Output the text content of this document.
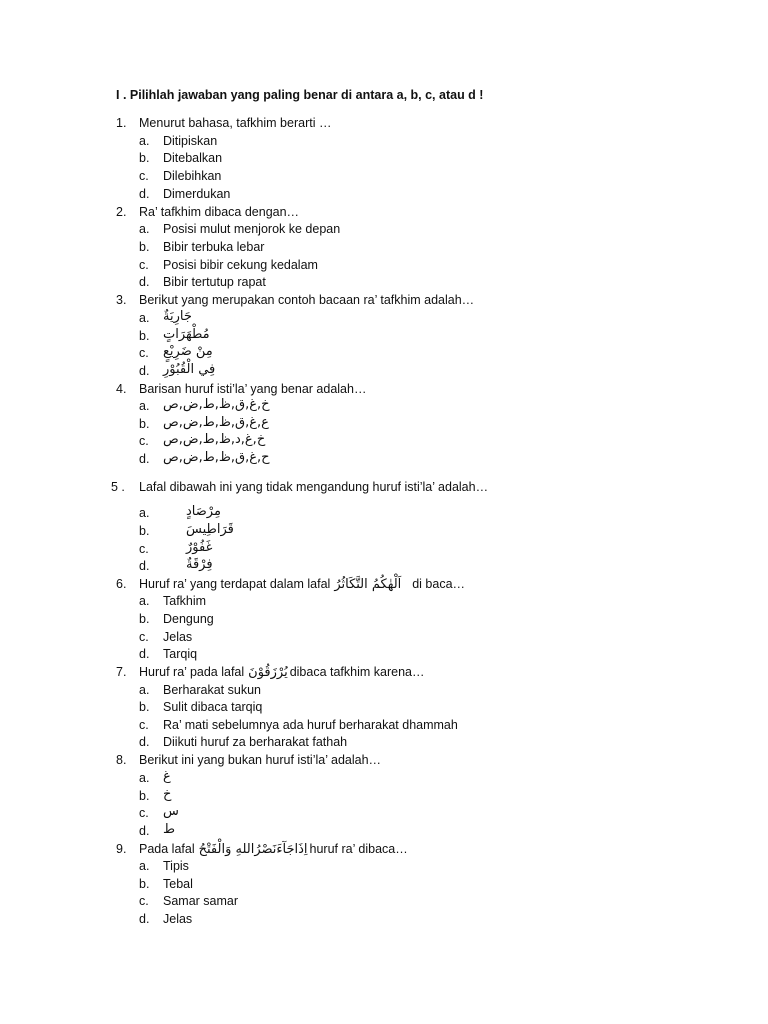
I . Pilihlah jawaban yang paling benar di antara a, b, c, atau d !
1. Menurut bahasa, tafkhim berarti …
a. Ditipiskan
b. Ditebalkan
c. Dilebihkan
d. Dimerdukan
2. Ra’ tafkhim dibaca dengan…
a. Posisi mulut menjorok ke depan
b. Bibir terbuka lebar
c. Posisi bibir cekung kedalam
d. Bibir tertutup rapat
3. Berikut yang merupakan contoh bacaan ra’ tafkhim adalah…
a. جَارِيَةٌ
b. مُطْهَرَاتٍ
c. مِنْ ضَرِيْعٍ
d. فِي الْقُبُوْرِ
4. Barisan huruf isti’la’ yang benar adalah…
a. خ,غ,ق,ظ,ط,ض,ص
b. ع,غ,ق,ظ,ط,ض,ص
c. خ,غ,د,ظ,ط,ض,ص
d. ح,غ,ق,ظ,ط,ض,ص
5 . Lafal dibawah ini yang tidak mengandung huruf isti’la’ adalah…
a.	مِرْصَادٍ
b.	قَرَاطِيسَ
c.	غَفُوْرٌ
d.	فِرْقَةٌ
6. Huruf ra’ yang terdapat dalam lafal اَلْهٰكُمُ التَّكَاثُرُ di baca…
a. Tafkhim
b. Dengung
c. Jelas
d. Tarqiq
7. Huruf ra’ pada lafal يُرْزَقُوْنَ dibaca tafkhim karena…
a. Berharakat sukun
b. Sulit dibaca tarqiq
c. Ra’ mati sebelumnya ada huruf berharakat dhammah
d. Diikuti huruf za berharakat fathah
8. Berikut ini yang bukan huruf isti’la’ adalah…
a. غ
b. خ
c. س
d. ط
9. Pada lafal اِذَاجَآءَنَصْرُاللهِ وَالْفَتْحُ huruf ra’ dibaca…
a. Tipis
b. Tebal
c. Samar samar
d. Jelas
